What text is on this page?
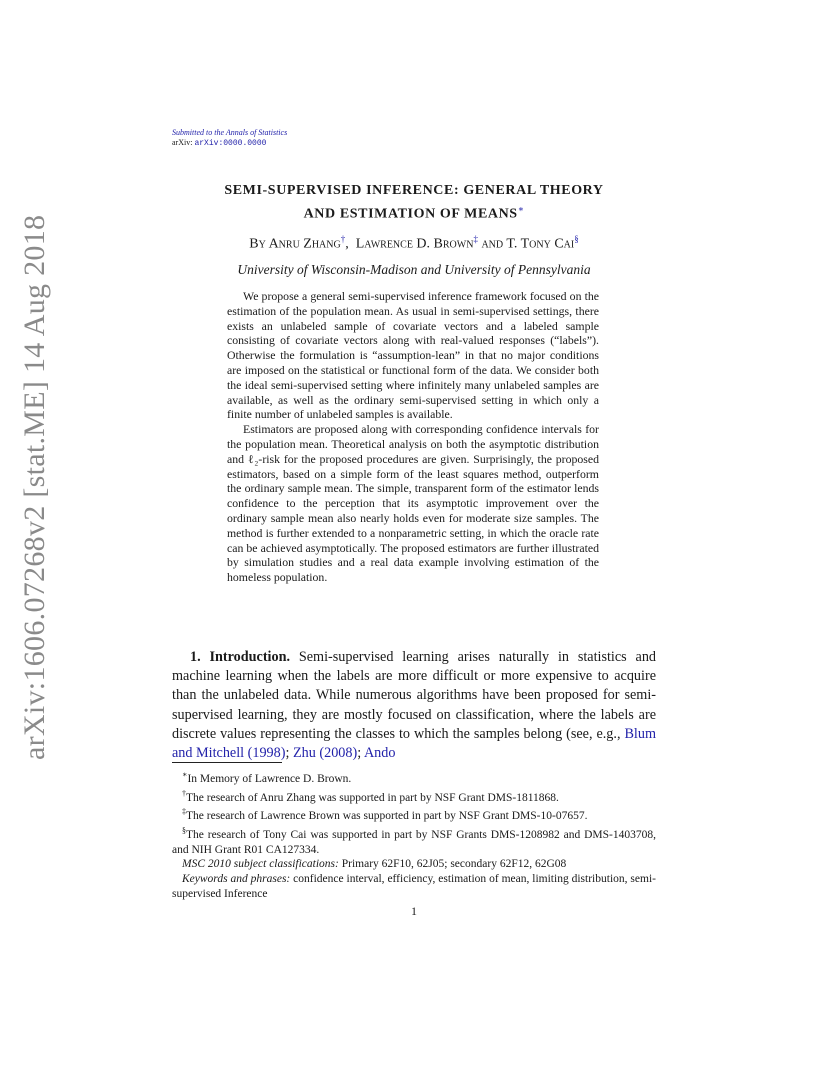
arXiv:1606.07268v2 [stat.ME] 14 Aug 2018
Submitted to the Annals of Statistics
arXiv: arXiv:0000.0000
SEMI-SUPERVISED INFERENCE: GENERAL THEORY
AND ESTIMATION OF MEANS∗
By Anru Zhang†,  Lawrence D. Brown‡ and T. Tony Cai§
University of Wisconsin-Madison and University of Pennsylvania

We propose a general semi-supervised inference framework focused on the estimation of the population mean. As usual in semi-supervised settings, there exists an unlabeled sample of covariate vectors and a labeled sample consisting of covariate vectors along with real-valued responses (“labels”). Otherwise the formulation is “assumption-lean” in that no major conditions are imposed on the statistical or functional form of the data. We consider both the ideal semi-supervised setting where infinitely many unlabeled samples are available, as well as the ordinary semi-supervised setting in which only a finite number of unlabeled samples is available.

Estimators are proposed along with corresponding confidence intervals for the population mean. Theoretical analysis on both the asymptotic distribution and ℓ₂-risk for the proposed procedures are given. Surprisingly, the proposed estimators, based on a simple form of the least squares method, outperform the ordinary sample mean. The simple, transparent form of the estimator lends confidence to the perception that its asymptotic improvement over the ordinary sample mean also nearly holds even for moderate size samples. The method is further extended to a nonparametric setting, in which the oracle rate can be achieved asymptotically. The proposed estimators are further illustrated by simulation studies and a real data example involving estimation of the homeless population.

1. Introduction. Semi-supervised learning arises naturally in statistics and machine learning when the labels are more difficult or more expensive to acquire than the unlabeled data. While numerous algorithms have been proposed for semi-supervised learning, they are mostly focused on classification, where the labels are discrete values representing the classes to which the samples belong (see, e.g., Blum and Mitchell (1998); Zhu (2008); Ando

∗In Memory of Lawrence D. Brown.

†The research of Anru Zhang was supported in part by NSF Grant DMS-1811868.

‡The research of Lawrence Brown was supported in part by NSF Grant DMS-10-07657.

§The research of Tony Cai was supported in part by NSF Grants DMS-1208982 and DMS-1403708, and NIH Grant R01 CA127334.

MSC 2010 subject classifications: Primary 62F10, 62J05; secondary 62F12, 62G08

Keywords and phrases: confidence interval, efficiency, estimation of mean, limiting distribution, semi-supervised Inference

1
